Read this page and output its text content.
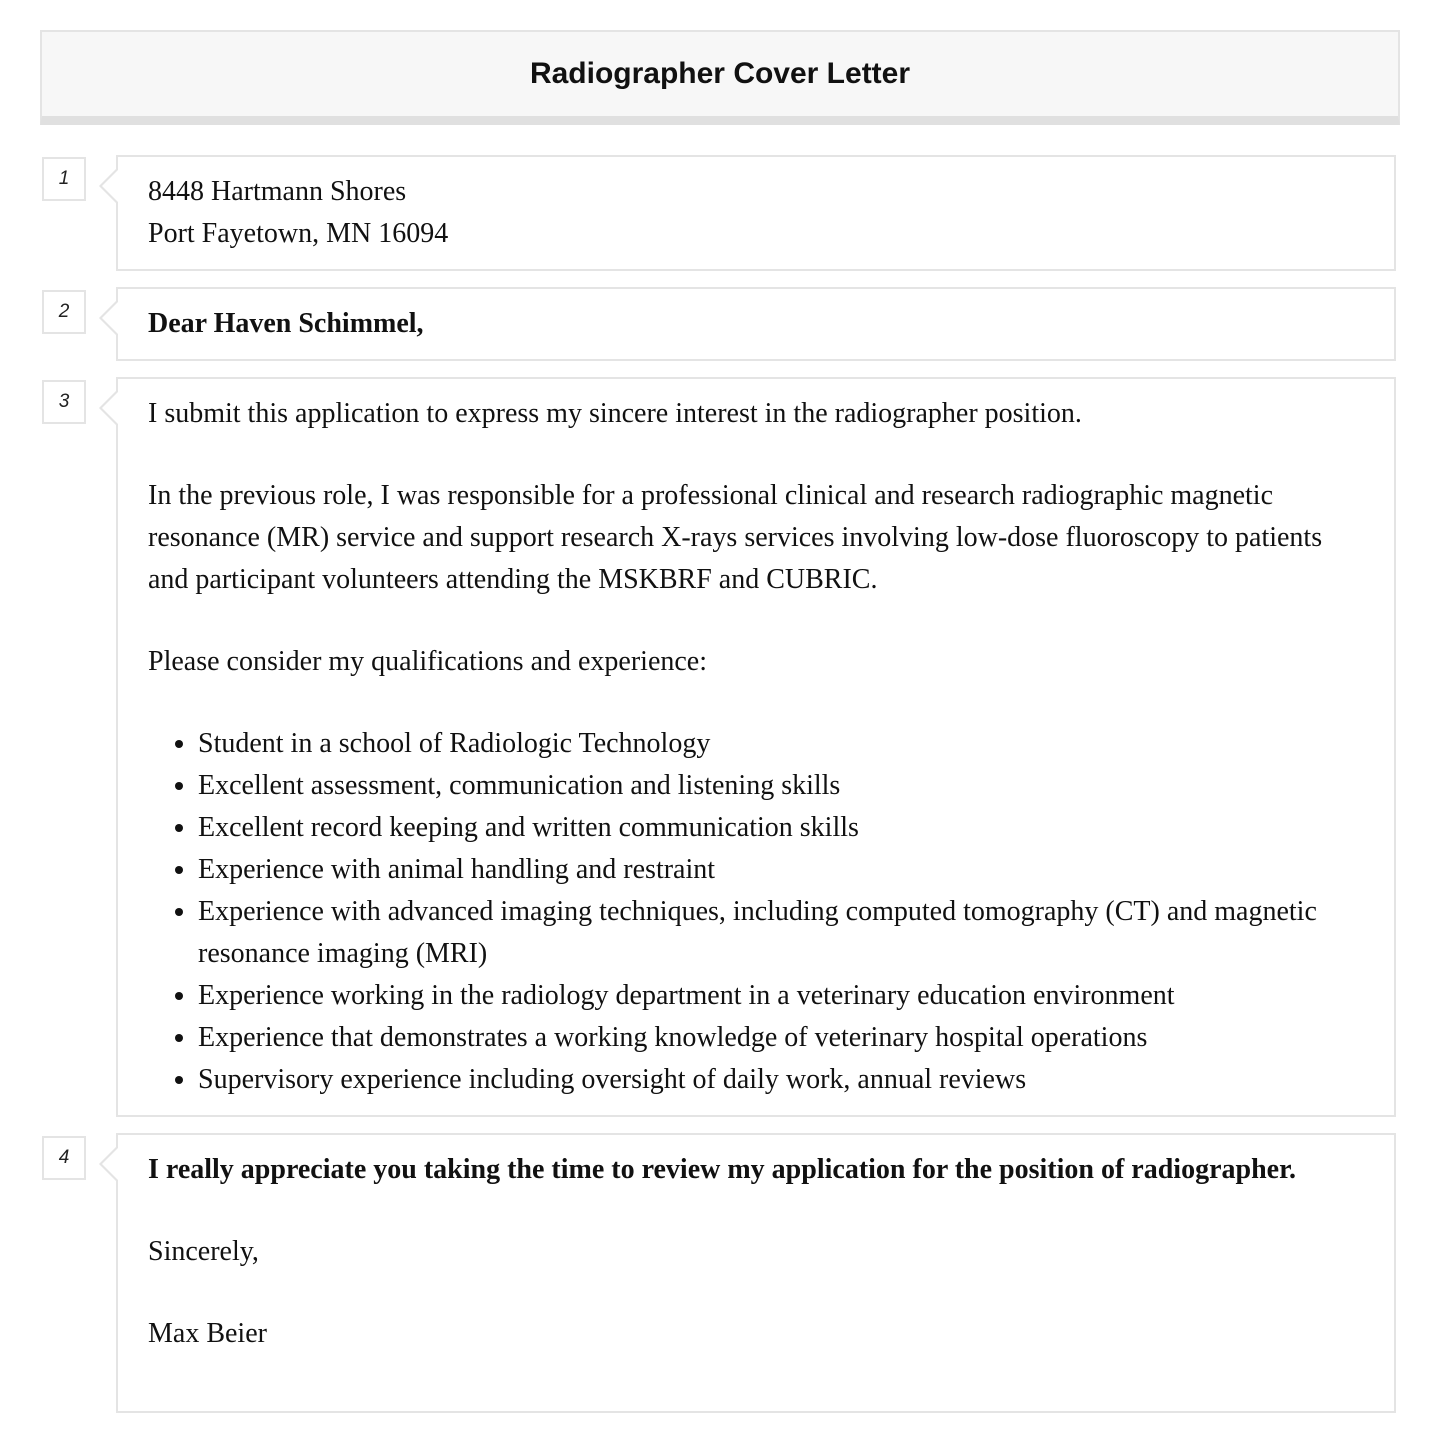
Radiographer Cover Letter
1	8448 Hartmann Shores
Port Fayetown, MN 16094
2	Dear Haven Schimmel,
3	I submit this application to express my sincere interest in the radiographer position.

In the previous role, I was responsible for a professional clinical and research radiographic magnetic resonance (MR) service and support research X-rays services involving low-dose fluoroscopy to patients and participant volunteers attending the MSKBRF and CUBRIC.

Please consider my qualifications and experience:

• Student in a school of Radiologic Technology
• Excellent assessment, communication and listening skills
• Excellent record keeping and written communication skills
• Experience with animal handling and restraint
• Experience with advanced imaging techniques, including computed tomography (CT) and magnetic resonance imaging (MRI)
• Experience working in the radiology department in a veterinary education environment
• Experience that demonstrates a working knowledge of veterinary hospital operations
• Supervisory experience including oversight of daily work, annual reviews
4	I really appreciate you taking the time to review my application for the position of radiographer.

Sincerely,

Max Beier
